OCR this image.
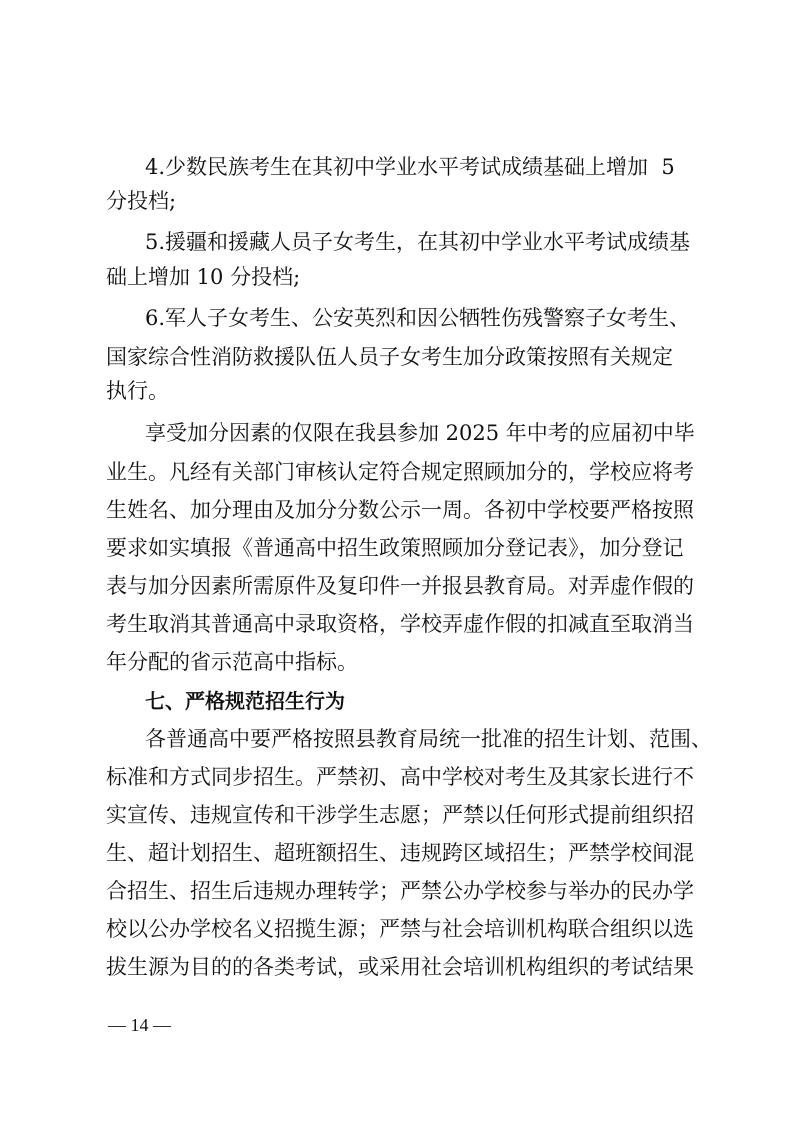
4.少数民族考生在其初中学业水平考试成绩基础上增加  5
分投档;
5.援疆和援藏人员子女考生，在其初中学业水平考试成绩基
础上增加 10 分投档;
6.军人子女考生、公安英烈和因公牺牲伤残警察子女考生、
国家综合性消防救援队伍人员子女考生加分政策按照有关规定
执行。
享受加分因素的仅限在我县参加 2025 年中考的应届初中毕
业生。凡经有关部门审核认定符合规定照顾加分的，学校应将考
生姓名、加分理由及加分分数公示一周。各初中学校要严格按照
要求如实填报《普通高中招生政策照顾加分登记表》，加分登记
表与加分因素所需原件及复印件一并报县教育局。对弄虚作假的
考生取消其普通高中录取资格，学校弄虚作假的扣减直至取消当
年分配的省示范高中指标。
七、严格规范招生行为
各普通高中要严格按照县教育局统一批准的招生计划、范围、
标准和方式同步招生。严禁初、高中学校对考生及其家长进行不
实宣传、违规宣传和干涉学生志愿；严禁以任何形式提前组织招
生、超计划招生、超班额招生、违规跨区域招生；严禁学校间混
合招生、招生后违规办理转学；严禁公办学校参与举办的民办学
校以公办学校名义招揽生源；严禁与社会培训机构联合组织以选
拔生源为目的的各类考试，或采用社会培训机构组织的考试结果
— 14 —
